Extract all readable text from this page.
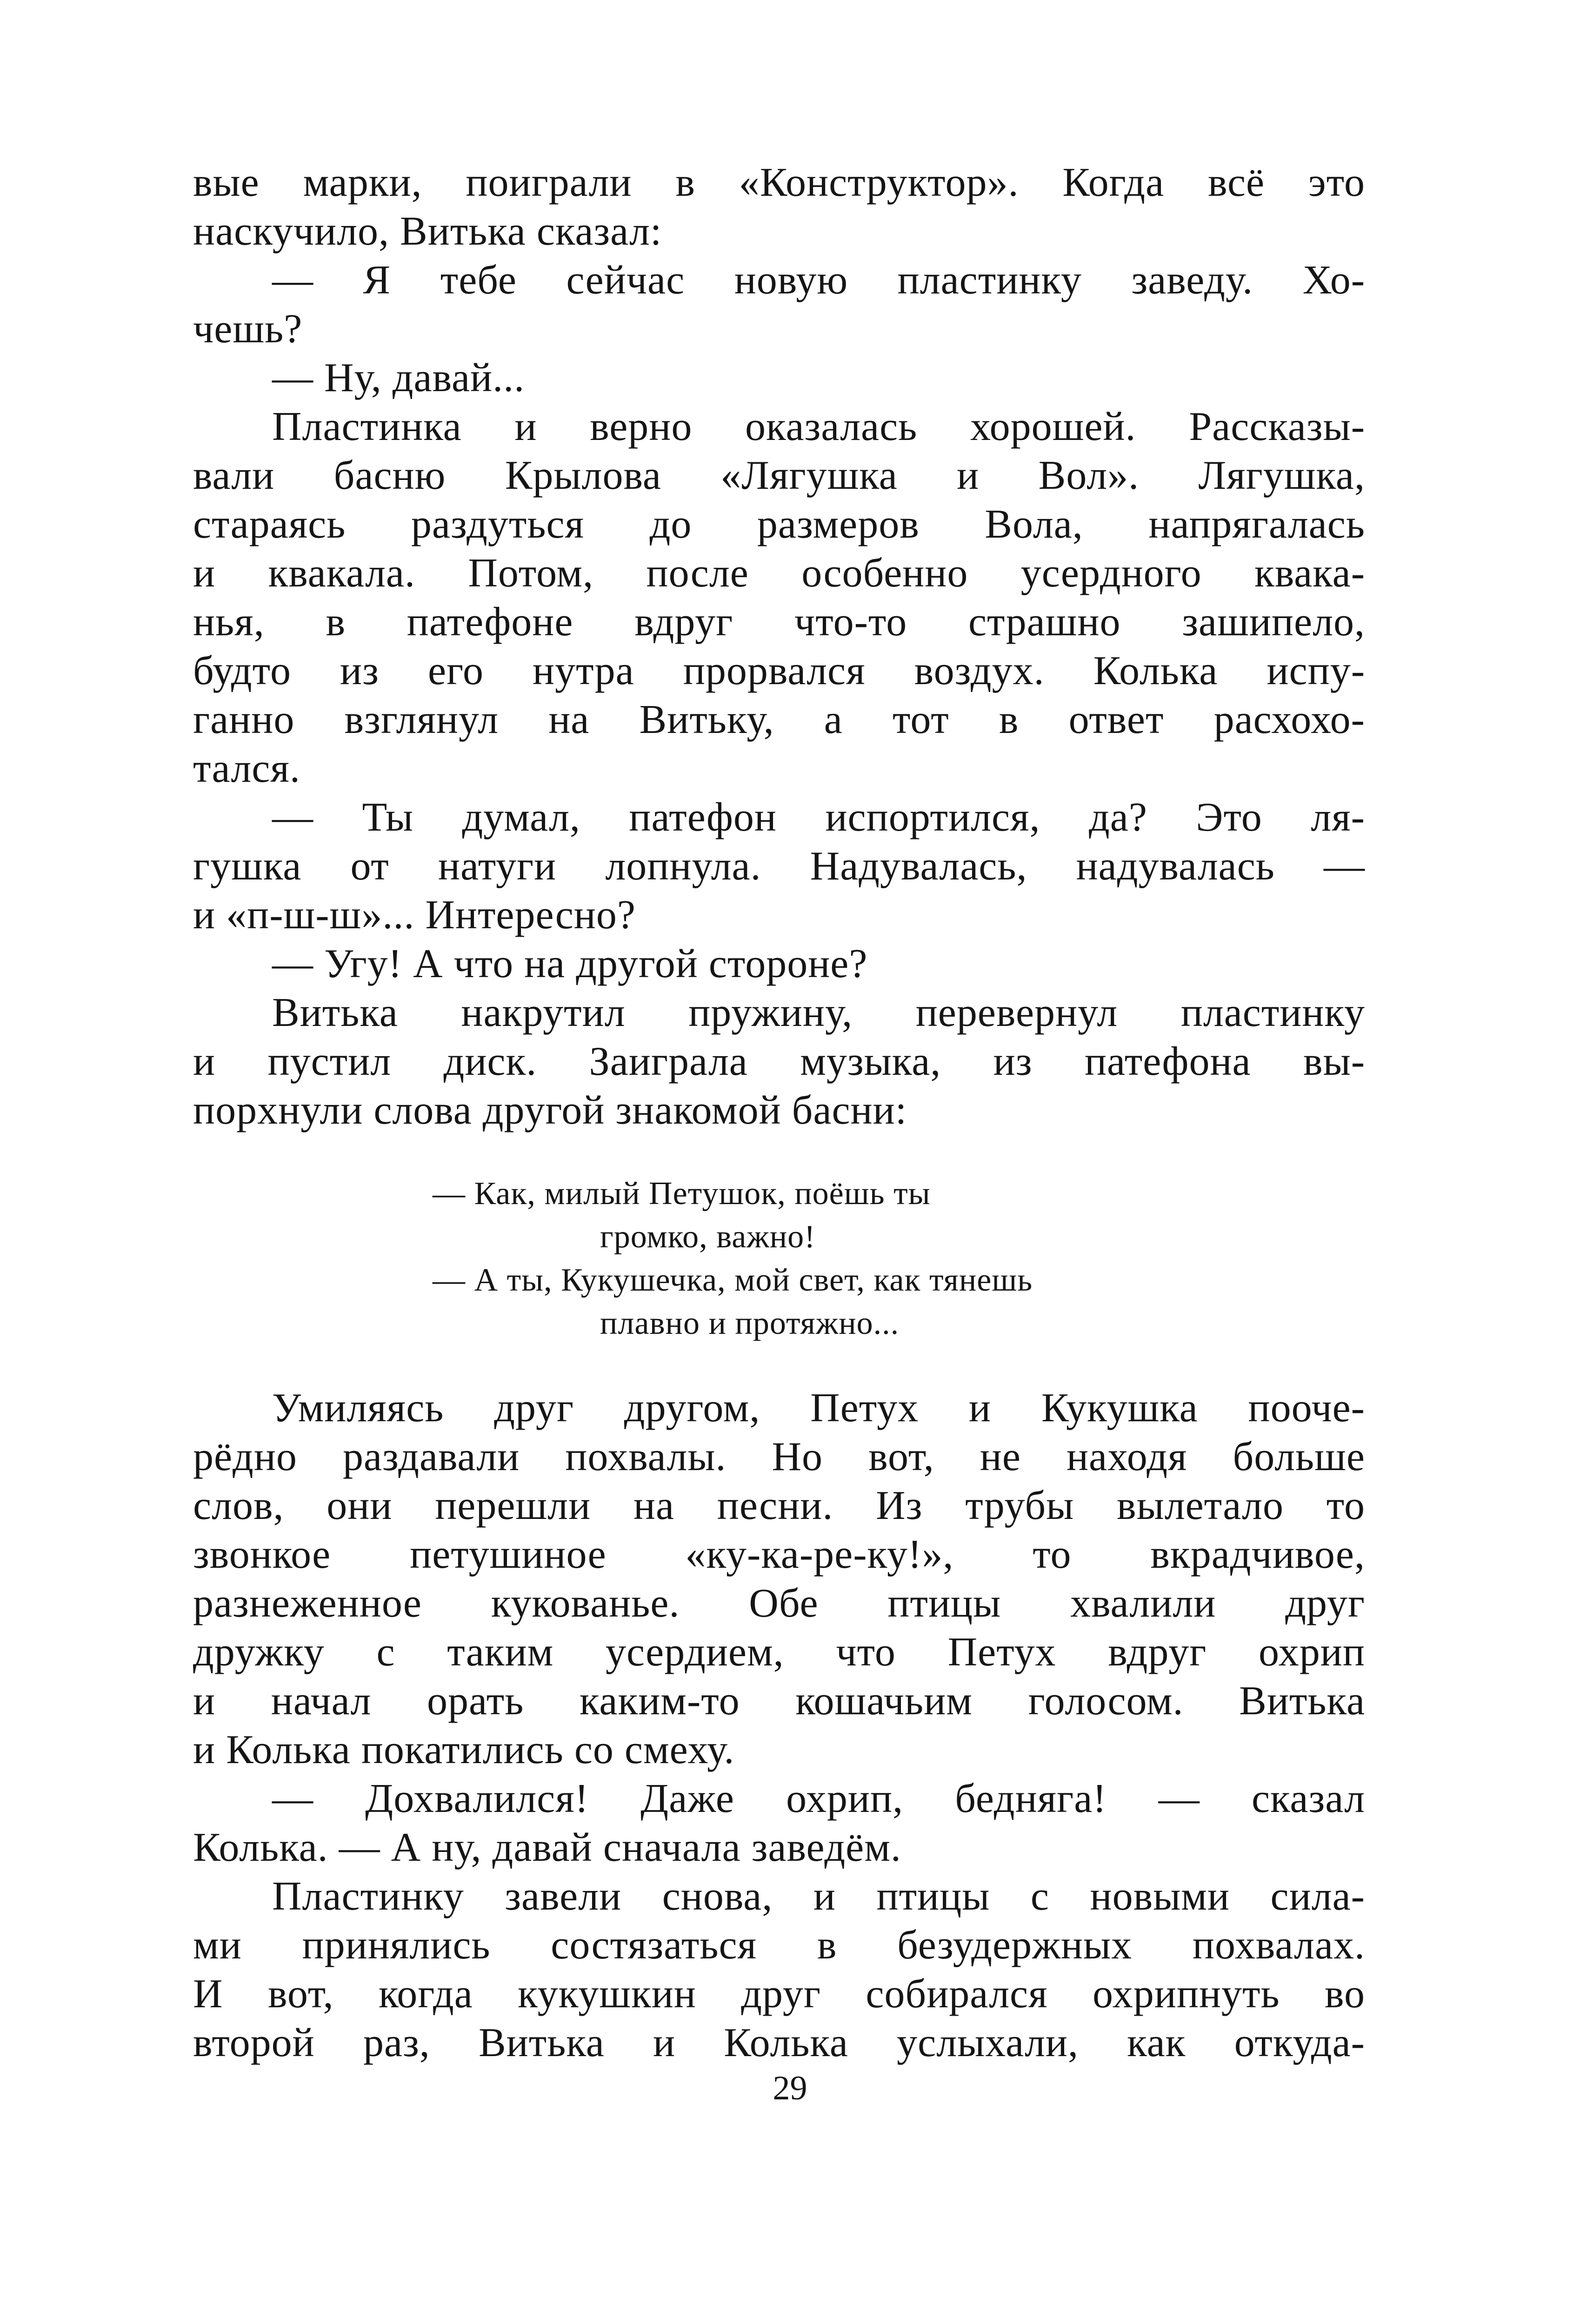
вые марки, поиграли в «Конструктор». Когда всё это
наскучило, Витька сказал:
— Я тебе сейчас новую пластинку заведу. Хо-
чешь?
— Ну, давай...
Пластинка и верно оказалась хорошей. Рассказы-
вали басню Крылова «Лягушка и Вол». Лягушка,
стараясь раздуться до размеров Вола, напрягалась
и квакала. Потом, после особенно усердного квака-
нья, в патефоне вдруг что-то страшно зашипело,
будто из его нутра прорвался воздух. Колька испу-
ганно взглянул на Витьку, а тот в ответ расхохо-
тался.
— Ты думал, патефон испортился, да? Это ля-
гушка от натуги лопнула. Надувалась, надувалась —
и «п-ш-ш»... Интересно?
— Угу! А что на другой стороне?
Витька накрутил пружину, перевернул пластинку
и пустил диск. Заиграла музыка, из патефона вы-
порхнули слова другой знакомой басни:
— Как, милый Петушок, поёшь ты
громко, важно!
— А ты, Кукушечка, мой свет, как тянешь
плавно и протяжно...
Умиляясь друг другом, Петух и Кукушка пооче-
рёдно раздавали похвалы. Но вот, не находя больше
слов, они перешли на песни. Из трубы вылетало то
звонкое петушиное «ку-ка-ре-ку!», то вкрадчивое,
разнеженное кукованье. Обе птицы хвалили друг
дружку с таким усердием, что Петух вдруг охрип
и начал орать каким-то кошачьим голосом. Витька
и Колька покатились со смеху.
— Дохвалился! Даже охрип, бедняга! — сказал
Колька. — А ну, давай сначала заведём.
Пластинку завели снова, и птицы с новыми сила-
ми принялись состязаться в безудержных похвалах.
И вот, когда кукушкин друг собирался охрипнуть во
второй раз, Витька и Колька услыхали, как откуда-
29
